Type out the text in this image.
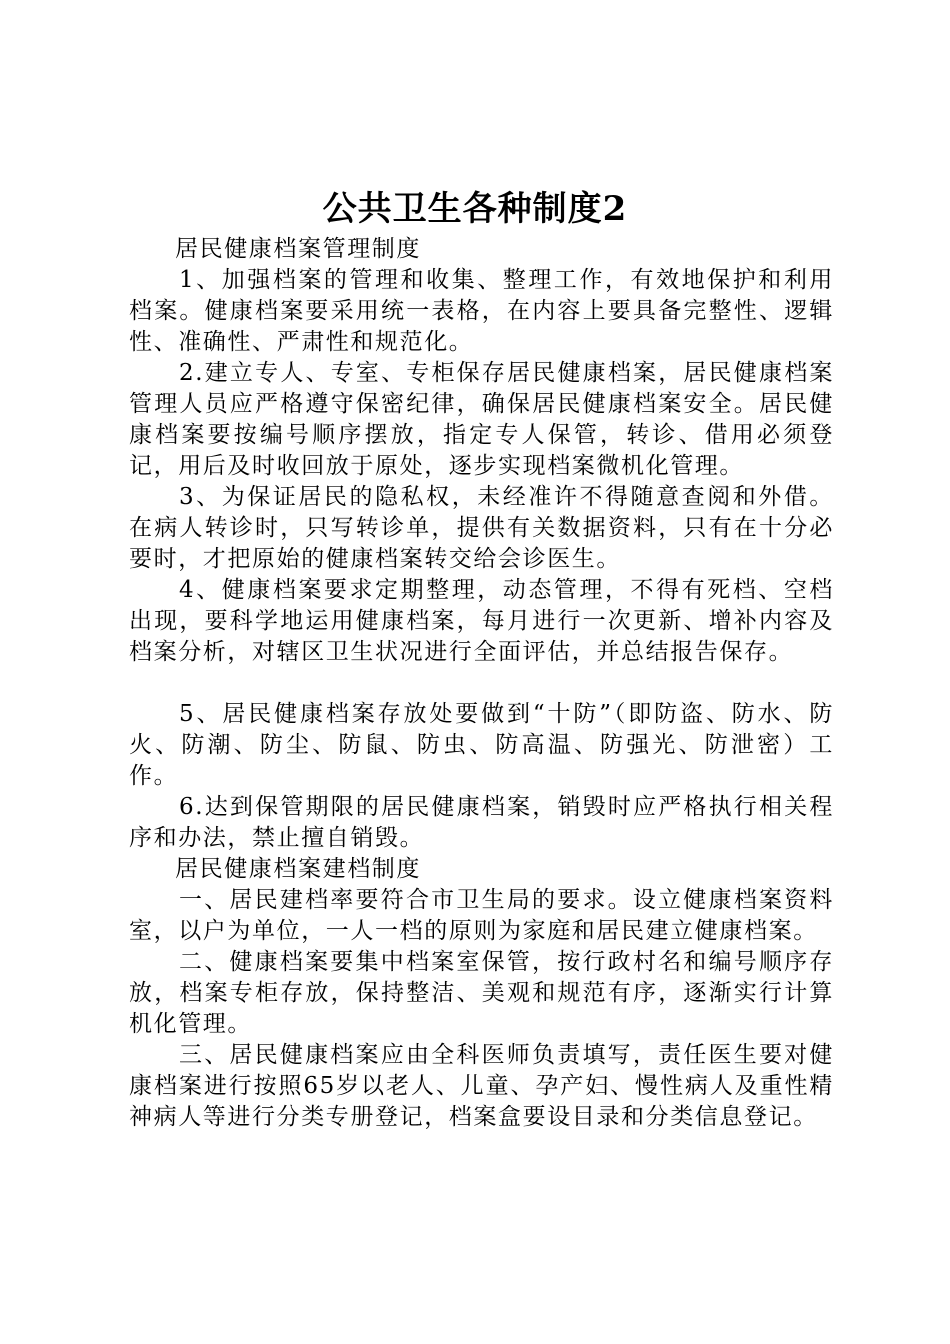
公共卫生各种制度2

居民健康档案管理制度

1、加强档案的管理和收集、整理工作，有效地保护和利用档案。健康档案要采用统一表格，在内容上要具备完整性、逻辑性、准确性、严肃性和规范化。

2.建立专人、专室、专柜保存居民健康档案，居民健康档案管理人员应严格遵守保密纪律，确保居民健康档案安全。居民健康档案要按编号顺序摆放，指定专人保管，转诊、借用必须登记，用后及时收回放于原处，逐步实现档案微机化管理。

3、为保证居民的隐私权，未经准许不得随意查阅和外借。在病人转诊时，只写转诊单，提供有关数据资料，只有在十分必要时，才把原始的健康档案转交给会诊医生。

4、健康档案要求定期整理，动态管理，不得有死档、空档出现，要科学地运用健康档案，每月进行一次更新、增补内容及档案分析，对辖区卫生状况进行全面评估，并总结报告保存。

5、居民健康档案存放处要做到“十防”（即防盗、防水、防火、防潮、防尘、防鼠、防虫、防高温、防强光、防泄密）工作。

6.达到保管期限的居民健康档案，销毁时应严格执行相关程序和办法，禁止擅自销毁。

居民健康档案建档制度

一、居民建档率要符合市卫生局的要求。设立健康档案资料室，以户为单位，一人一档的原则为家庭和居民建立健康档案。

二、健康档案要集中档案室保管，按行政村名和编号顺序存放，档案专柜存放，保持整洁、美观和规范有序，逐渐实行计算机化管理。

三、居民健康档案应由全科医师负责填写，责任医生要对健康档案进行按照65岁以老人、儿童、孕产妇、慢性病人及重性精神病人等进行分类专册登记，档案盒要设目录和分类信息登记。
